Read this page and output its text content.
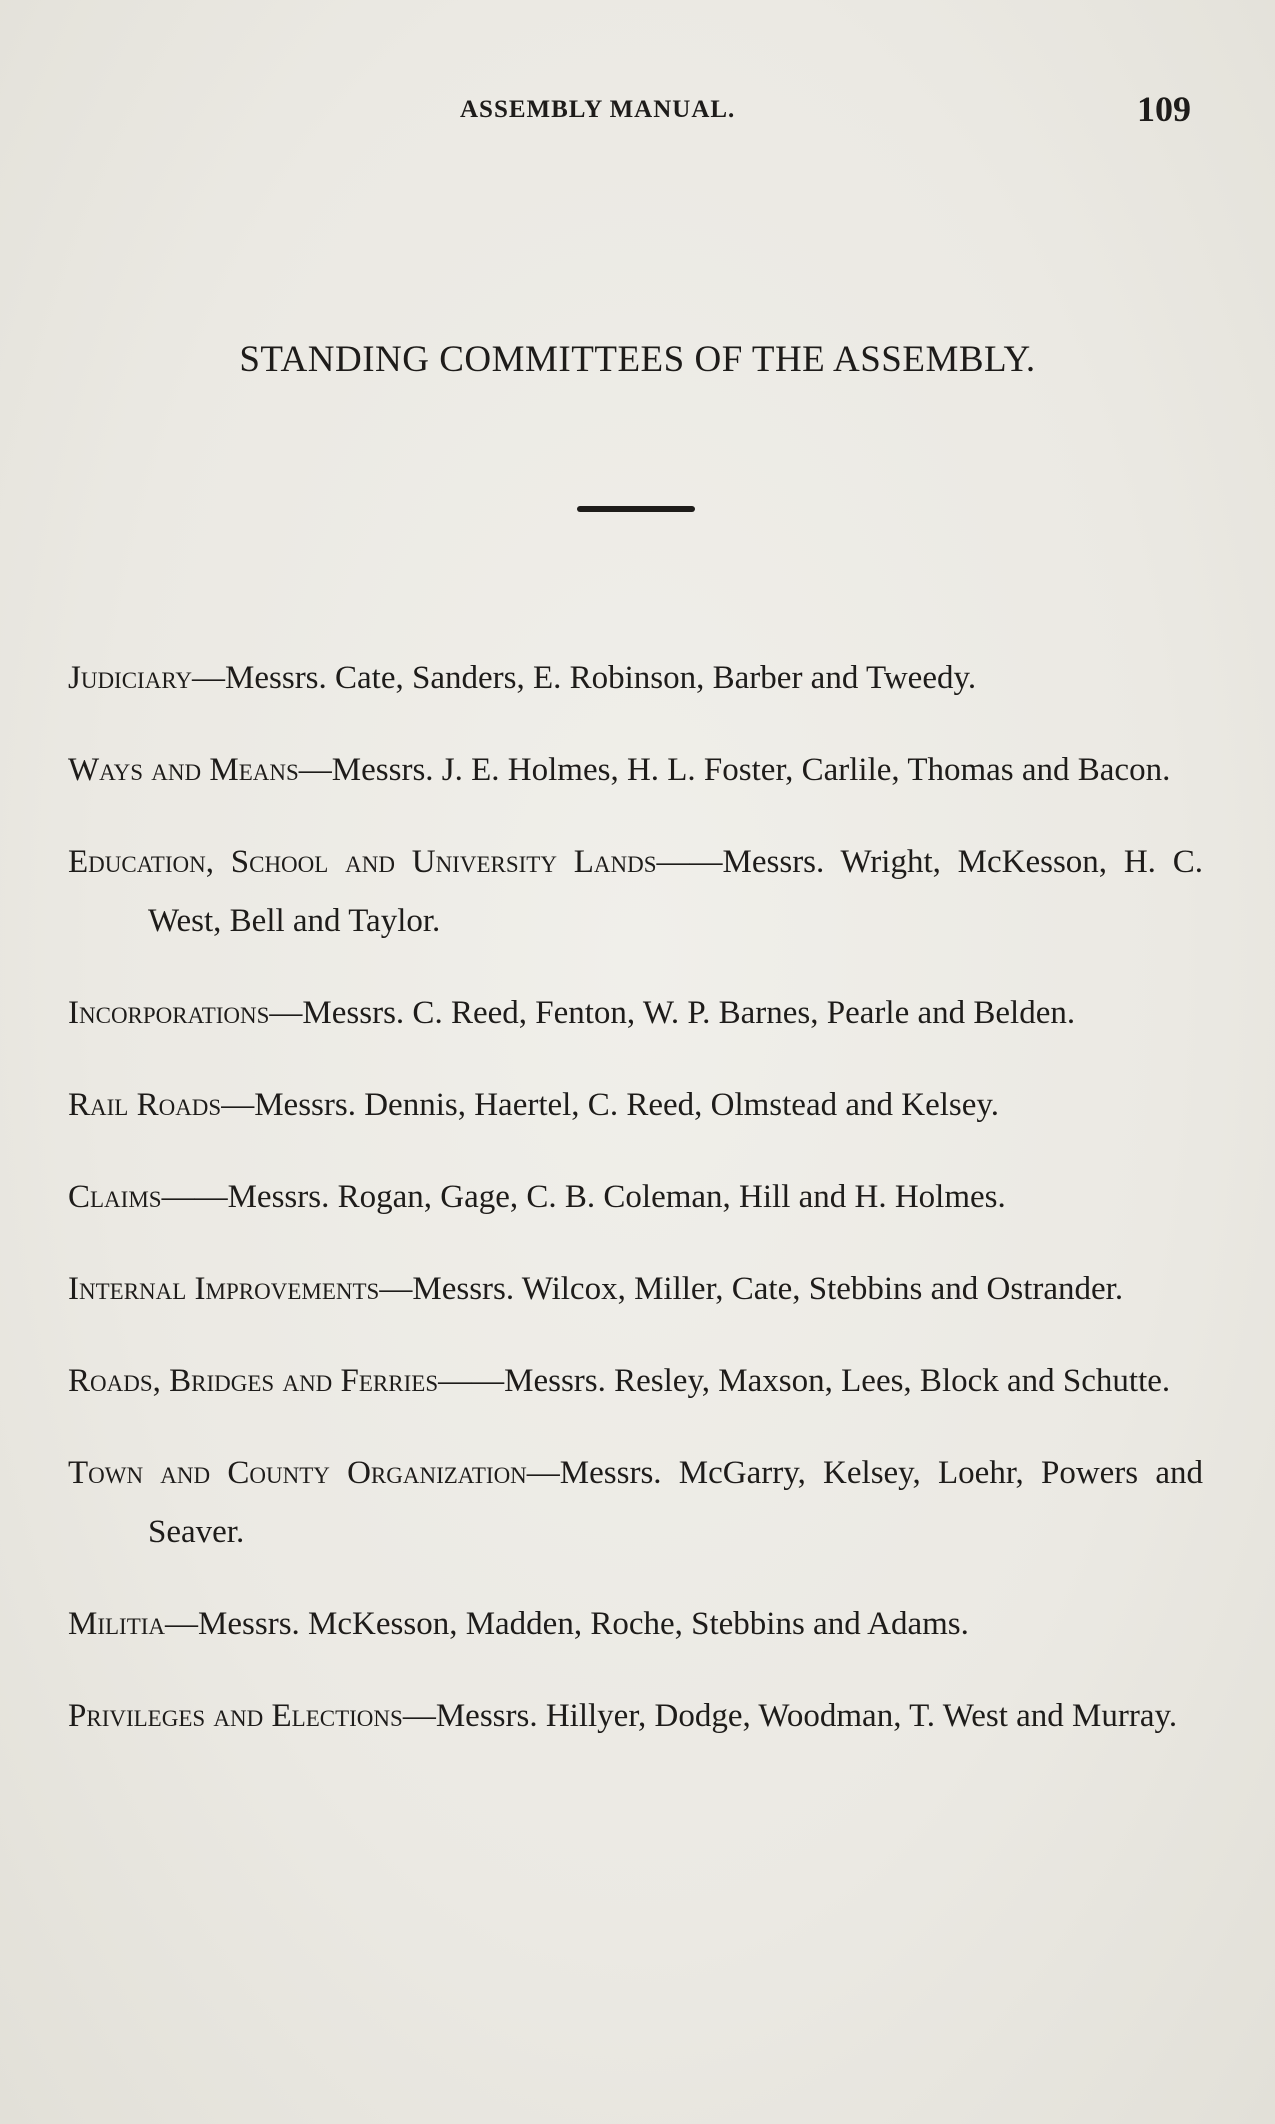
ASSEMBLY MANUAL.	109
STANDING COMMITTEES OF THE ASSEMBLY.

Judiciary—Messrs. Cate, Sanders, E. Robinson, Barber and Tweedy.

Ways and Means—Messrs. J. E. Holmes, H. L. Foster, Carlile, Thomas and Bacon.

Education, School and University Lands——Messrs. Wright, McKesson, H. C. West, Bell and Taylor.

Incorporations—Messrs. C. Reed, Fenton, W. P. Barnes, Pearle and Belden.

Rail Roads—Messrs. Dennis, Haertel, C. Reed, Olmstead and Kelsey.

Claims——Messrs. Rogan, Gage, C. B. Coleman, Hill and H. Holmes.

Internal Improvements—Messrs. Wilcox, Miller, Cate, Stebbins and Ostrander.

Roads, Bridges and Ferries——Messrs. Resley, Maxson, Lees, Block and Schutte.

Town and County Organization—Messrs. McGarry, Kelsey, Loehr, Powers and Seaver.

Militia—Messrs. McKesson, Madden, Roche, Stebbins and Adams.

Privileges and Elections—Messrs. Hillyer, Dodge, Woodman, T. West and Murray.
